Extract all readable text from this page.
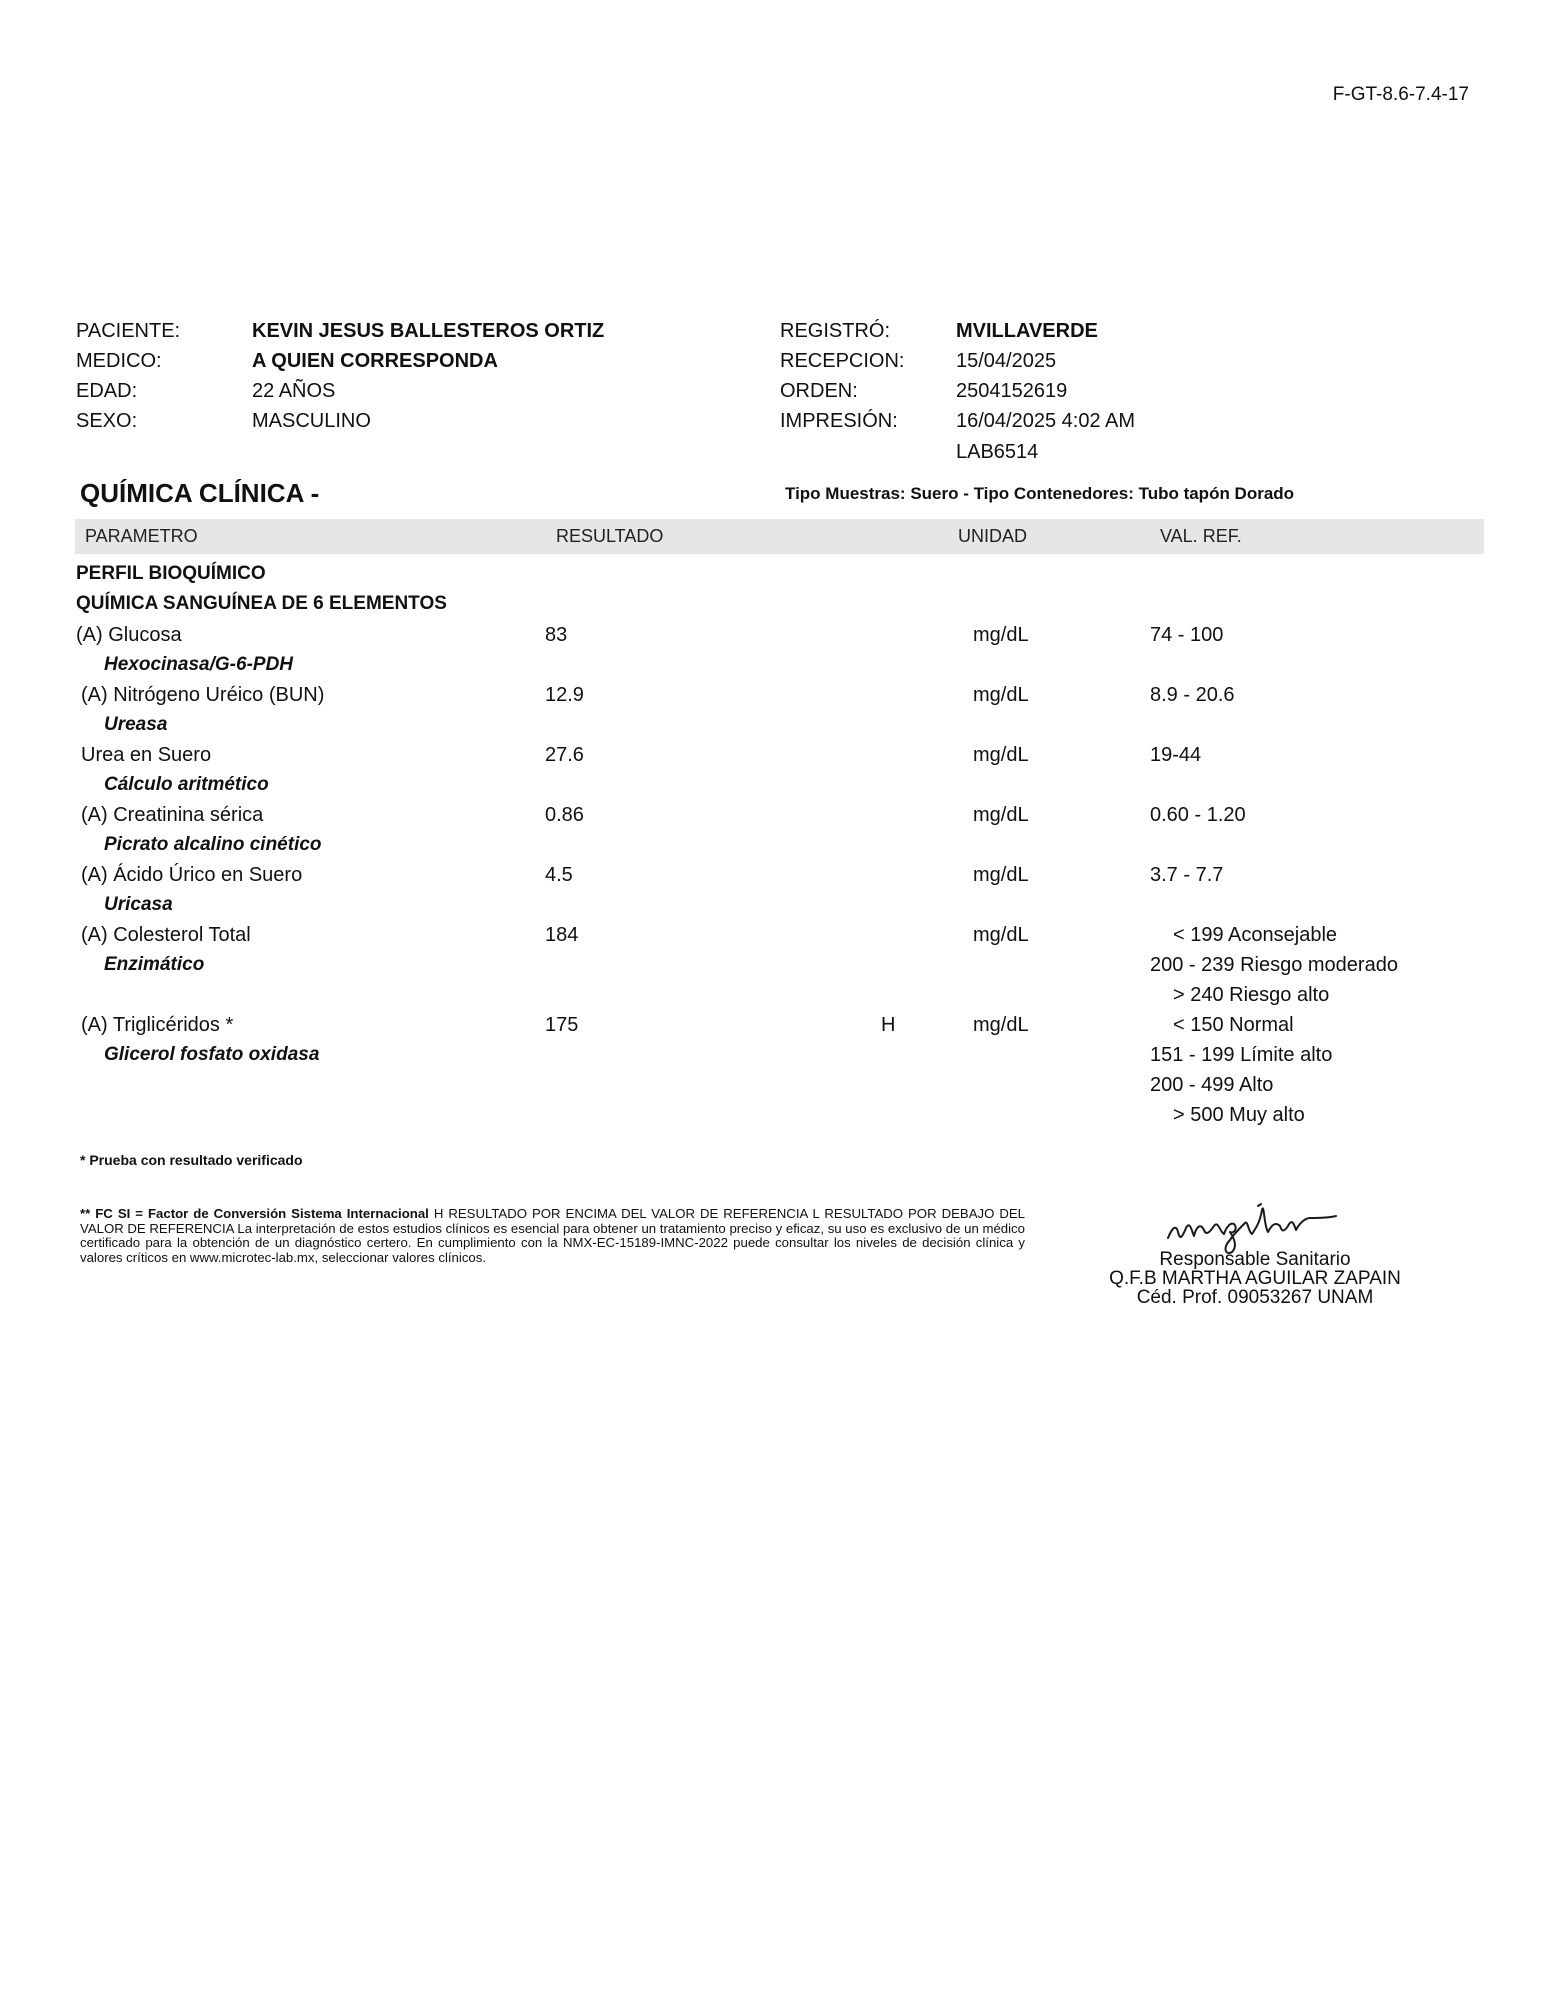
F-GT-8.6-7.4-17
PACIENTE:	KEVIN JESUS BALLESTEROS ORTIZ
MEDICO:	A QUIEN CORRESPONDA
EDAD:	22 AÑOS
SEXO:	MASCULINO
REGISTRÓ:	MVILLAVERDE
RECEPCION:	15/04/2025
ORDEN:	2504152619
IMPRESIÓN:	16/04/2025 4:02 AM
LAB6514
QUÍMICA CLÍNICA -	Tipo Muestras: Suero - Tipo Contenedores: Tubo tapón Dorado
PARAMETRO	RESULTADO	UNIDAD	VAL. REF.
PERFIL BIOQUÍMICO
QUÍMICA SANGUÍNEA DE 6 ELEMENTOS
(A) Glucosa	83	mg/dL	74 - 100
Hexocinasa/G-6-PDH
(A) Nitrógeno Uréico (BUN)	12.9	mg/dL	8.9 - 20.6
Ureasa
Urea en Suero	27.6	mg/dL	19-44
Cálculo aritmético
(A) Creatinina sérica	0.86	mg/dL	0.60 - 1.20
Picrato alcalino cinético
(A) Ácido Úrico en Suero	4.5	mg/dL	3.7 - 7.7
Uricasa
(A) Colesterol Total	184	mg/dL	< 199 Aconsejable
Enzimático	200 - 239 Riesgo moderado
> 240 Riesgo alto
(A) Triglicéridos *	175	H	mg/dL	< 150 Normal
Glicerol fosfato oxidasa	151 - 199 Límite alto
200 - 499 Alto
> 500 Muy alto
* Prueba con resultado verificado
** FC SI = Factor de Conversión Sistema Internacional H RESULTADO POR ENCIMA DEL VALOR DE REFERENCIA L RESULTADO POR DEBAJO DEL VALOR DE REFERENCIA La interpretación de estos estudios clínicos es esencial para obtener un tratamiento preciso y eficaz, su uso es exclusivo de un médico certificado para la obtención de un diagnóstico certero. En cumplimiento con la NMX-EC-15189-IMNC-2022 puede consultar los niveles de decisión clínica y valores críticos en www.microtec-lab.mx, seleccionar valores clínicos.	Responsable Sanitario
Q.F.B MARTHA AGUILAR ZAPAIN
Céd. Prof. 09053267 UNAM
